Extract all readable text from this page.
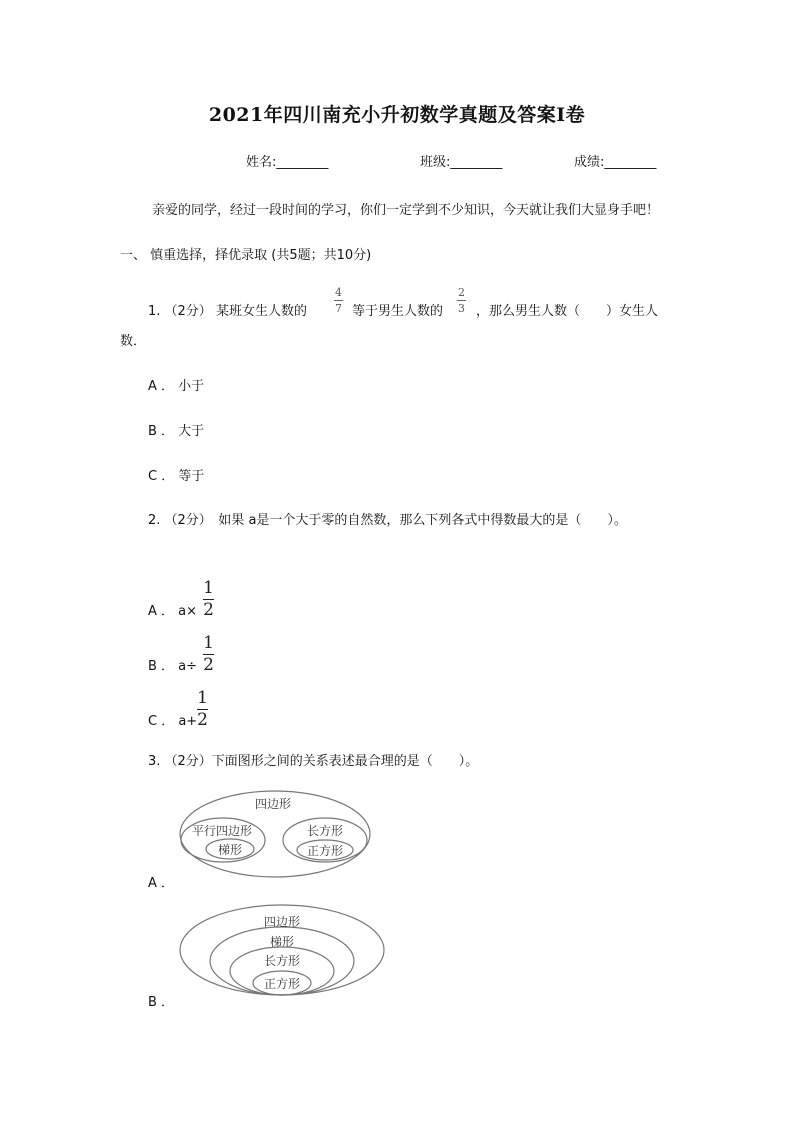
2021年四川南充小升初数学真题及答案Ⅰ卷
姓名:________	班级:________	成绩:________
亲爱的同学，经过一段时间的学习，你们一定学到不少知识，今天就让我们大显身手吧！
一、 慎重选择，择优录取 (共5题；共10分)
1. （2分） 某班女生人数的
4
7 等于男生人数的
2
3 ，那么男生人数（　　）女生人
数．
A ． 小于
B ． 大于
C ． 等于
2. （2分）　如果 a是一个大于零的自然数，那么下列各式中得数最大的是（　　）。
A ． a×
1
2
B ． a÷
1
2
C ． a+
1
2
3. （2分）下面图形之间的关系表述最合理的是（　　）。
四边形
平行四边形
梯形
长方形
正方形
A ．
四边形
梯形
长方形
正方形
B ．
